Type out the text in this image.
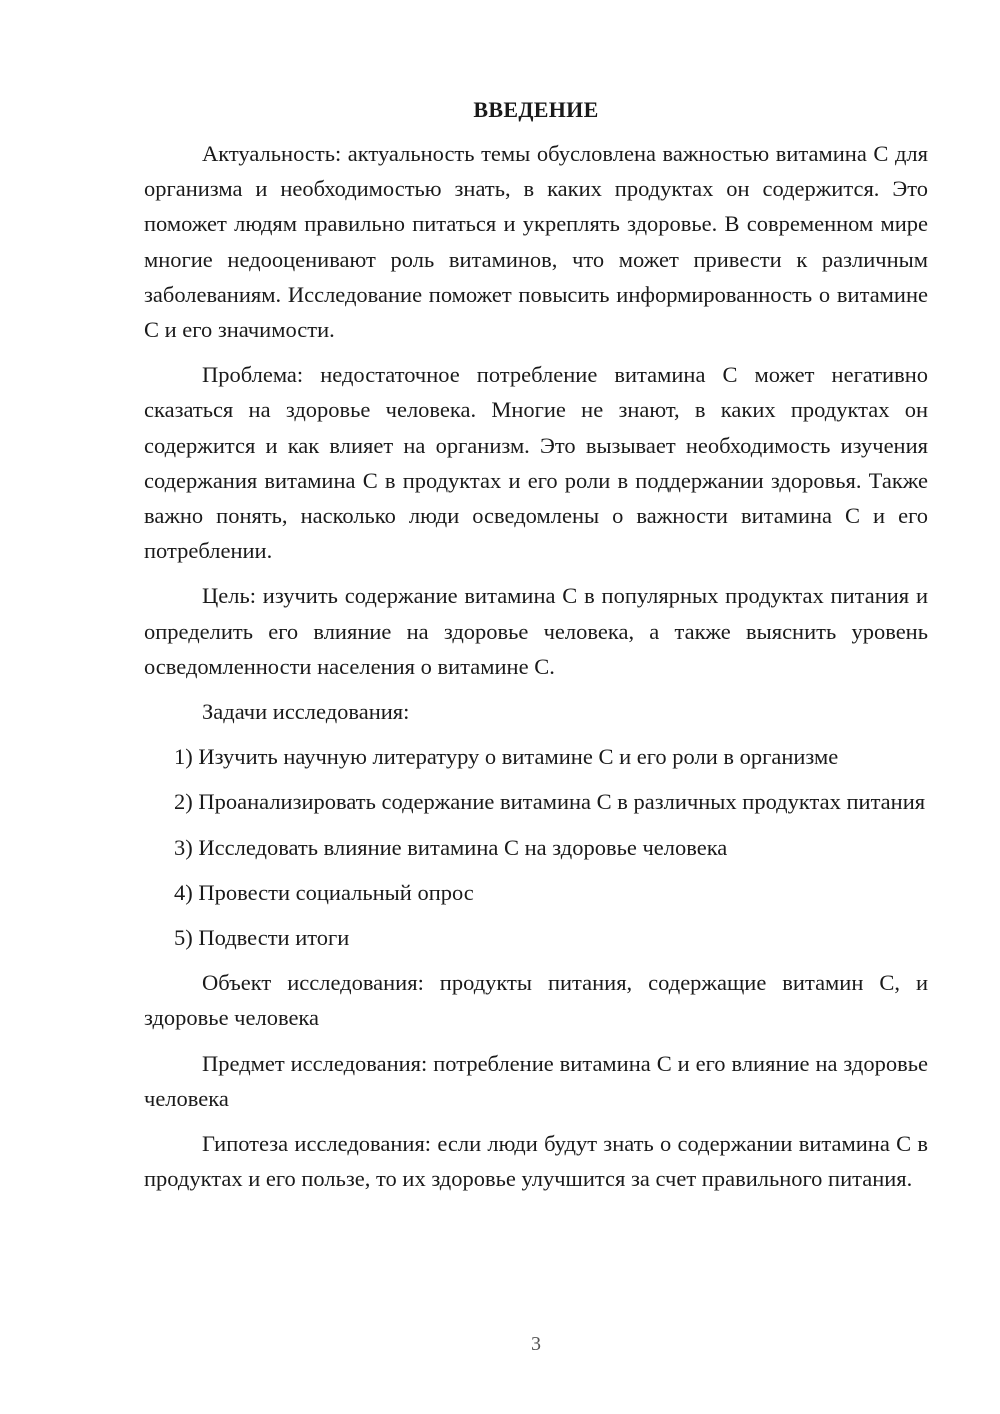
ВВЕДЕНИЕ

Актуальность: актуальность темы обусловлена важностью витамина С для организма и необходимостью знать, в каких продуктах он содержится. Это поможет людям правильно питаться и укреплять здоровье. В современном мире многие недооценивают роль витаминов, что может привести к различным заболеваниям. Исследование поможет повысить информированность о витамине С и его значимости.

Проблема: недостаточное потребление витамина С может негативно сказаться на здоровье человека. Многие не знают, в каких продуктах он содержится и как влияет на организм. Это вызывает необходимость изучения содержания витамина С в продуктах и его роли в поддержании здоровья. Также важно понять, насколько люди осведомлены о важности витамина С и его потреблении.

Цель: изучить содержание витамина С в популярных продуктах питания и определить его влияние на здоровье человека, а также выяснить уровень осведомленности населения о витамине С.

Задачи исследования:

1) Изучить научную литературу о витамине С и его роли в организме

2) Проанализировать содержание витамина С в различных продуктах питания

3) Исследовать влияние витамина С на здоровье человека

4) Провести социальный опрос

5) Подвести итоги

Объект исследования: продукты питания, содержащие витамин С, и здоровье человека

Предмет исследования: потребление витамина С и его влияние на здоровье человека

Гипотеза исследования: если люди будут знать о содержании витамина С в продуктах и его пользе, то их здоровье улучшится за счет правильного питания.

3
